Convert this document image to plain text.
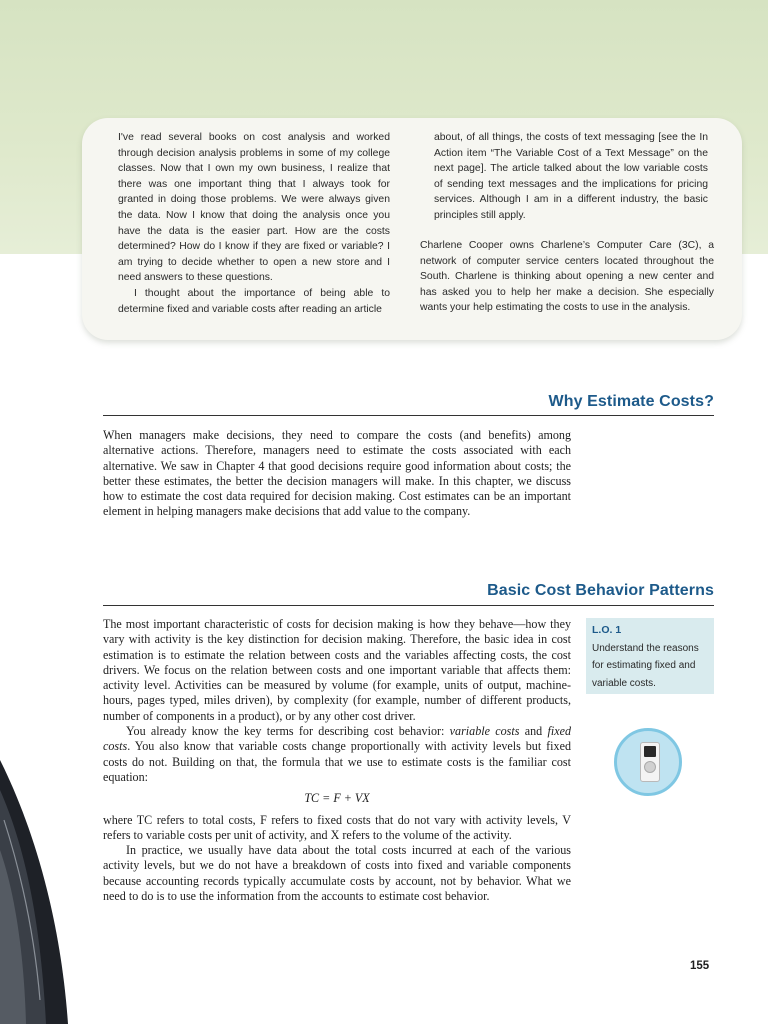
I've read several books on cost analysis and worked through decision analysis problems in some of my college classes. Now that I own my own business, I realize that there was one important thing that I always took for granted in doing those problems. We were always given the data. Now I know that doing the analysis once you have the data is the easier part. How are the costs determined? How do I know if they are fixed or variable? I am trying to decide whether to open a new store and I need answers to these questions.

I thought about the importance of being able to determine fixed and variable costs after reading an article

about, of all things, the costs of text messaging [see the In Action item “The Variable Cost of a Text Message” on the next page]. The article talked about the low variable costs of sending text messages and the implications for pricing services. Although I am in a different industry, the basic principles still apply.

Charlene Cooper owns Charlene’s Computer Care (3C), a network of computer service centers located throughout the South. Charlene is thinking about opening a new center and has asked you to help her make a decision. She especially wants your help estimating the costs to use in the analysis.

Why Estimate Costs?

When managers make decisions, they need to compare the costs (and benefits) among alternative actions. Therefore, managers need to estimate the costs associated with each alternative. We saw in Chapter 4 that good decisions require good information about costs; the better these estimates, the better the decision managers will make. In this chapter, we discuss how to estimate the cost data required for decision making. Cost estimates can be an important element in helping managers make decisions that add value to the company.

Basic Cost Behavior Patterns

The most important characteristic of costs for decision making is how they behave—how they vary with activity is the key distinction for decision making. Therefore, the basic idea in cost estimation is to estimate the relation between costs and the variables affecting costs, the cost drivers. We focus on the relation between costs and one important variable that affects them: activity level. Activities can be measured by volume (for example, units of output, machine-hours, pages typed, miles driven), by complexity (for example, number of different products, number of components in a product), or by any other cost driver.

You already know the key terms for describing cost behavior: variable costs and fixed costs. You also know that variable costs change proportionally with activity levels but fixed costs do not. Building on that, the formula that we use to estimate costs is the familiar cost equation:

TC = F + VX

where TC refers to total costs, F refers to fixed costs that do not vary with activity levels, V refers to variable costs per unit of activity, and X refers to the volume of the activity.

In practice, we usually have data about the total costs incurred at each of the various activity levels, but we do not have a breakdown of costs into fixed and variable components because accounting records typically accumulate costs by account, not by behavior. What we need to do is to use the information from the accounts to estimate cost behavior.

L.O. 1
Understand the reasons for estimating fixed and variable costs.
155
